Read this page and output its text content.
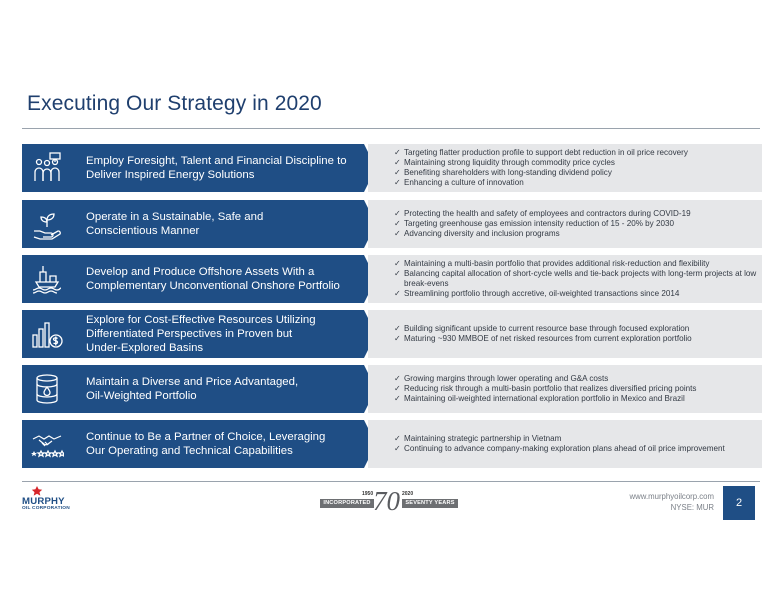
Executing Our Strategy in 2020
Employ Foresight, Talent and Financial Discipline to
Deliver Inspired Energy Solutions
✓ Targeting flatter production profile to support debt reduction in oil price recovery
✓ Maintaining strong liquidity through commodity price cycles
✓ Benefiting shareholders with long-standing dividend policy
✓ Enhancing a culture of innovation
Operate in a Sustainable, Safe and
Conscientious Manner
✓ Protecting the health and safety of employees and contractors during COVID-19
✓ Targeting greenhouse gas emission intensity reduction of 15 - 20% by 2030
✓ Advancing diversity and inclusion programs
Develop and Produce Offshore Assets With a
Complementary Unconventional Onshore Portfolio
✓ Maintaining a multi-basin portfolio that provides additional risk-reduction and flexibility
✓ Balancing capital allocation of short-cycle wells and tie-back projects with long-term projects at low break-evens
✓ Streamlining portfolio through accretive, oil-weighted transactions since 2014
Explore for Cost-Effective Resources Utilizing
Differentiated Perspectives in Proven but
Under-Explored Basins
✓ Building significant upside to current resource base through focused exploration
✓ Maturing ~930 MMBOE of net risked resources from current exploration portfolio
Maintain a Diverse and Price Advantaged,
Oil-Weighted Portfolio
✓ Growing margins through lower operating and G&A costs
✓ Reducing risk through a multi-basin portfolio that realizes diversified pricing points
✓ Maintaining oil-weighted international exploration portfolio in Mexico and Brazil
Continue to Be a Partner of Choice, Leveraging
Our Operating and Technical Capabilities
✓ Maintaining strategic partnership in Vietnam
✓ Continuing to advance company-making exploration plans ahead of oil price improvement
MURPHY
OIL CORPORATION
1950	2020
INCORPORATED 70 SEVENTY YEARS
www.murphyoilcorp.com
NYSE: MUR	2
